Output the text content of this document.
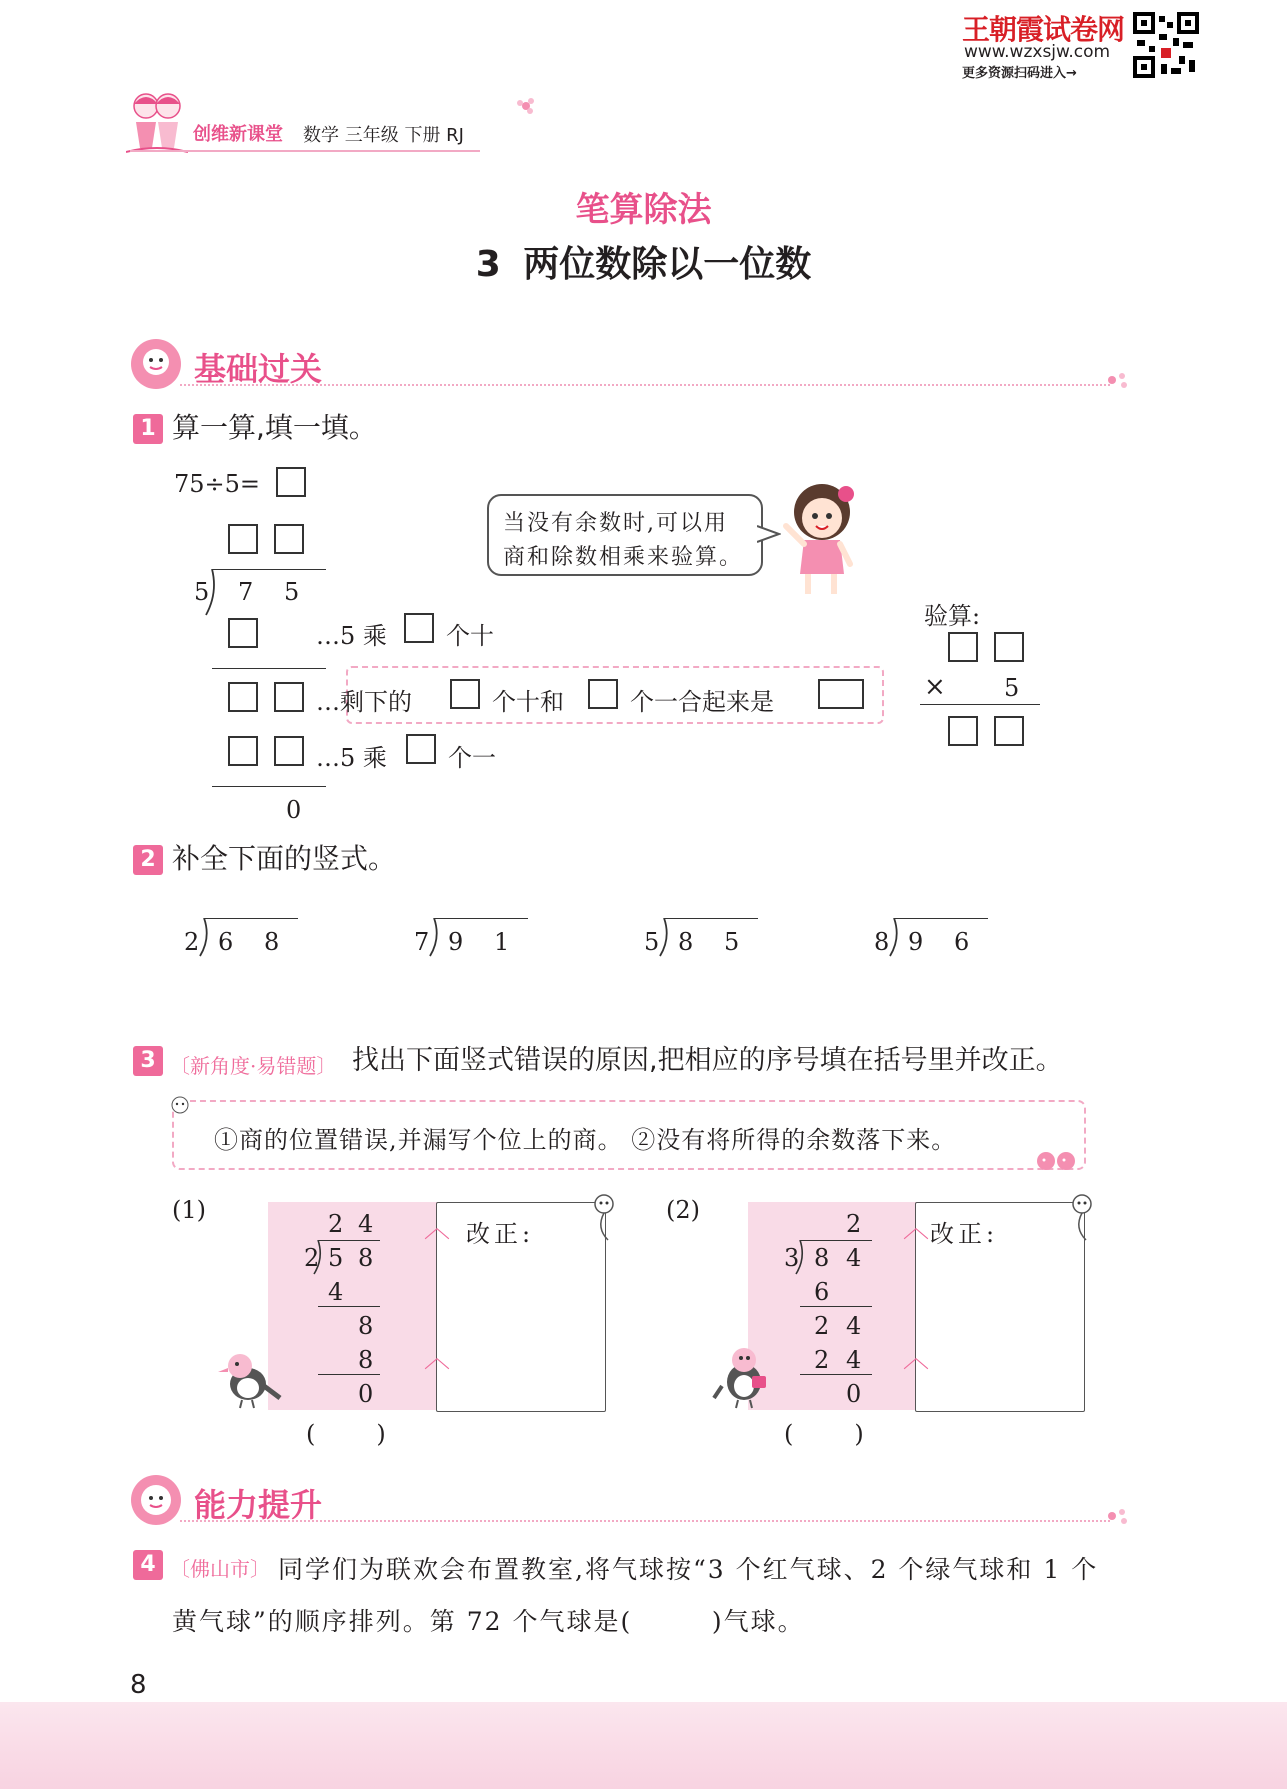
王朝霞试卷网
www.wzxsjw.com
更多资源扫码进入→
创维新课堂 数学 三年级 下册 RJ
笔算除法
3 两位数除以一位数
基础过关
1 算一算,填一填。
75÷5=
5 7 5
…5 乘 个十
…剩下的	个十和	个一合起来是
…5 乘	个一
0
当没有余数时,可以用
商和除数相乘来验算。
验算:
× 5
2 补全下面的竖式。
2 6 8	7 9 1	5 8 5	8 9 6
3 〔新角度·易错题〕 找出下面竖式错误的原因,把相应的序号填在括号里并改正。
①商的位置错误,并漏写个位上的商。 ②没有将所得的余数落下来。
(1)
改正:
︿

︿
2 4
2 5 8
4
8
8
0
(        )
(2)
改正:
︿

︿
2
3 8 4
6
2 4
2 4
0
(        )
能力提升
4 〔佛山市〕 同学们为联欢会布置教室,将气球按“3 个红气球、2 个绿气球和 1 个
黄气球”的顺序排列。第 72 个气球是(        )气球。
8
